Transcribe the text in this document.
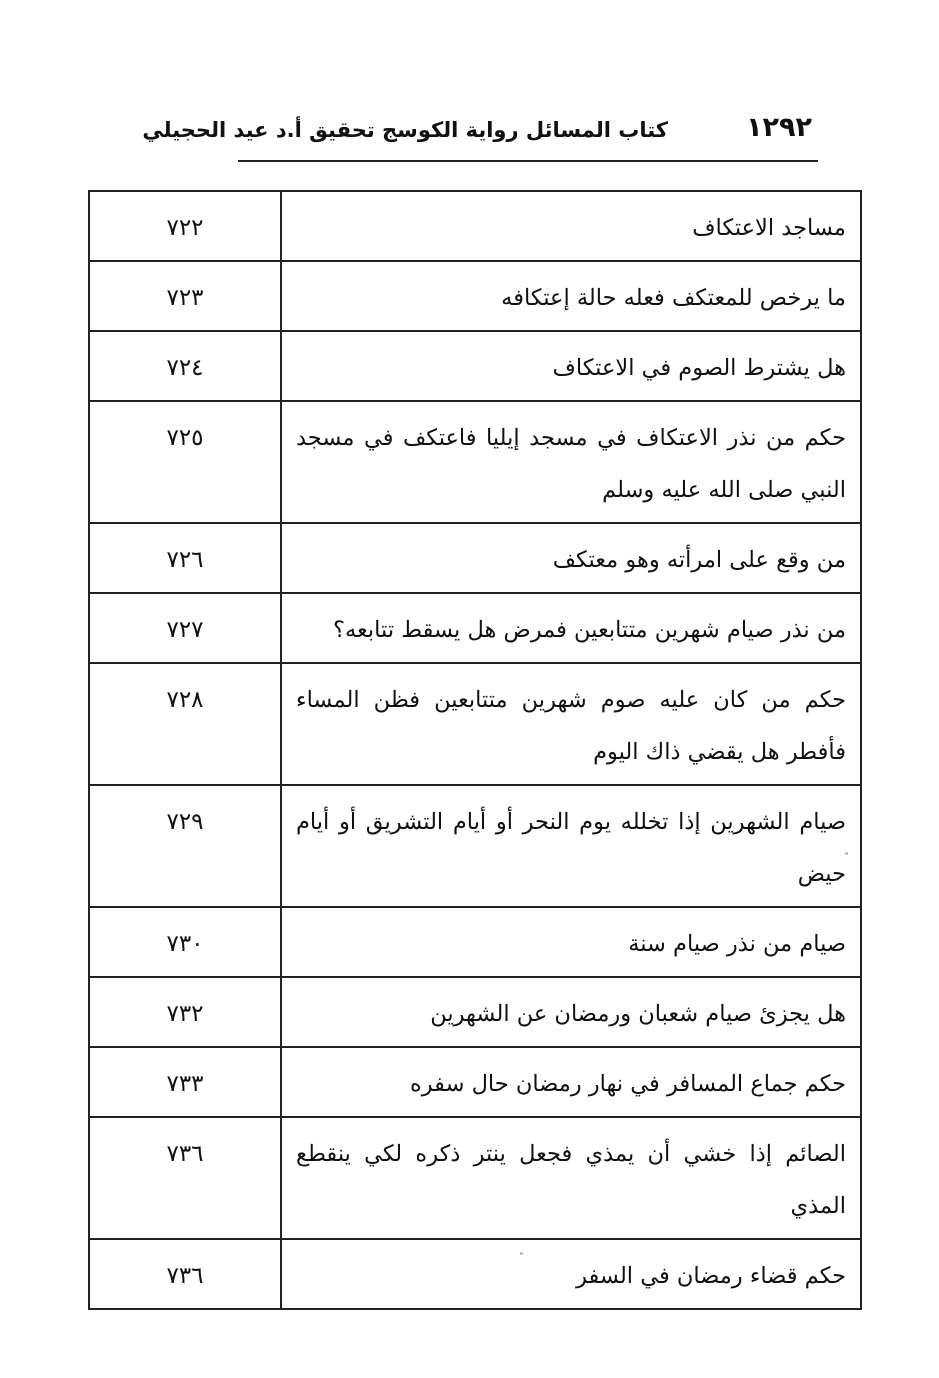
١٢٩٢
كتاب المسائل رواية الكوسج تحقيق أ.د عيد الحجيلي
مساجد الاعتكاف	٧٢٢
ما يرخص للمعتكف فعله حالة إعتكافه	٧٢٣
هل يشترط الصوم في الاعتكاف	٧٢٤
حكم من نذر الاعتكاف في مسجد إيليا فاعتكف في مسجد النبي صلى الله عليه وسلم	٧٢٥
من وقع على امرأته وهو معتكف	٧٢٦
من نذر صيام شهرين متتابعين فمرض هل يسقط تتابعه؟	٧٢٧
حكم من كان عليه صوم شهرين متتابعين فظن المساء فأفطر هل يقضي ذاك اليوم	٧٢٨
صيام الشهرين إذا تخلله يوم النحر أو أيام التشريق أو أيام حيض	٧٢٩
صيام من نذر صيام سنة	٧٣٠
هل يجزئ صيام شعبان ورمضان عن الشهرين	٧٣٢
حكم جماع المسافر في نهار رمضان حال سفره	٧٣٣
الصائم إذا خشي أن يمذي فجعل ينتر ذكره لكي ينقطع المذي	٧٣٦
حكم قضاء رمضان في السفر	٧٣٦
